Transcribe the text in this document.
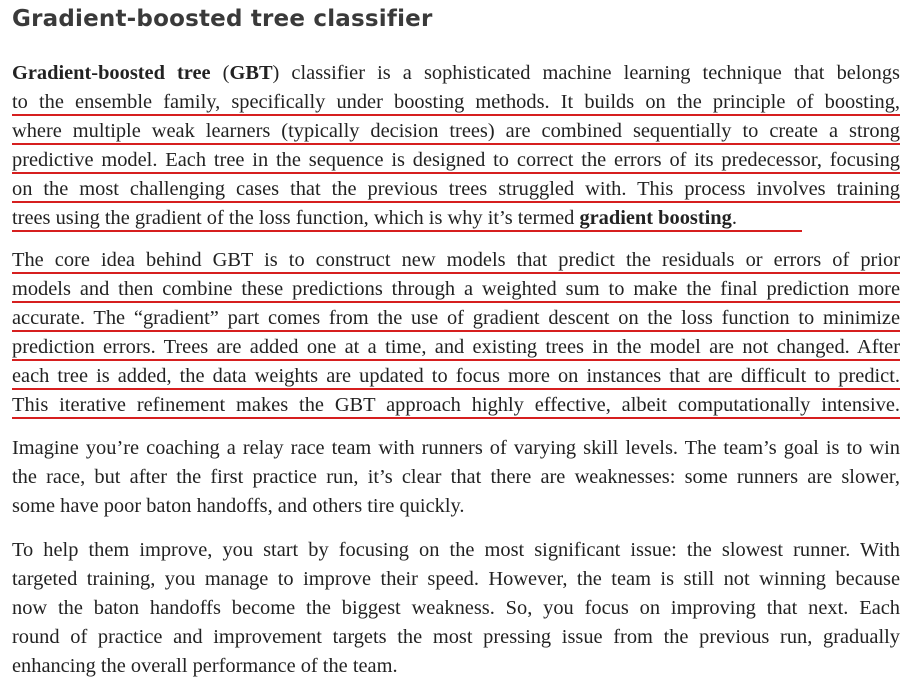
Gradient-boosted tree classifier
Gradient-boosted tree (GBT) classifier is a sophisticated machine learning technique that belongs
to the ensemble family, specifically under boosting methods. It builds on the principle of boosting,
where multiple weak learners (typically decision trees) are combined sequentially to create a strong
predictive model. Each tree in the sequence is designed to correct the errors of its predecessor, focusing
on the most challenging cases that the previous trees struggled with. This process involves training
trees using the gradient of the loss function, which is why it’s termed gradient boosting.
The core idea behind GBT is to construct new models that predict the residuals or errors of prior
models and then combine these predictions through a weighted sum to make the final prediction more
accurate. The “gradient” part comes from the use of gradient descent on the loss function to minimize
prediction errors. Trees are added one at a time, and existing trees in the model are not changed. After
each tree is added, the data weights are updated to focus more on instances that are difficult to predict.
This iterative refinement makes the GBT approach highly effective, albeit computationally intensive.
Imagine you’re coaching a relay race team with runners of varying skill levels. The team’s goal is to win
the race, but after the first practice run, it’s clear that there are weaknesses: some runners are slower,
some have poor baton handoffs, and others tire quickly.
To help them improve, you start by focusing on the most significant issue: the slowest runner. With
targeted training, you manage to improve their speed. However, the team is still not winning because
now the baton handoffs become the biggest weakness. So, you focus on improving that next. Each
round of practice and improvement targets the most pressing issue from the previous run, gradually
enhancing the overall performance of the team.
